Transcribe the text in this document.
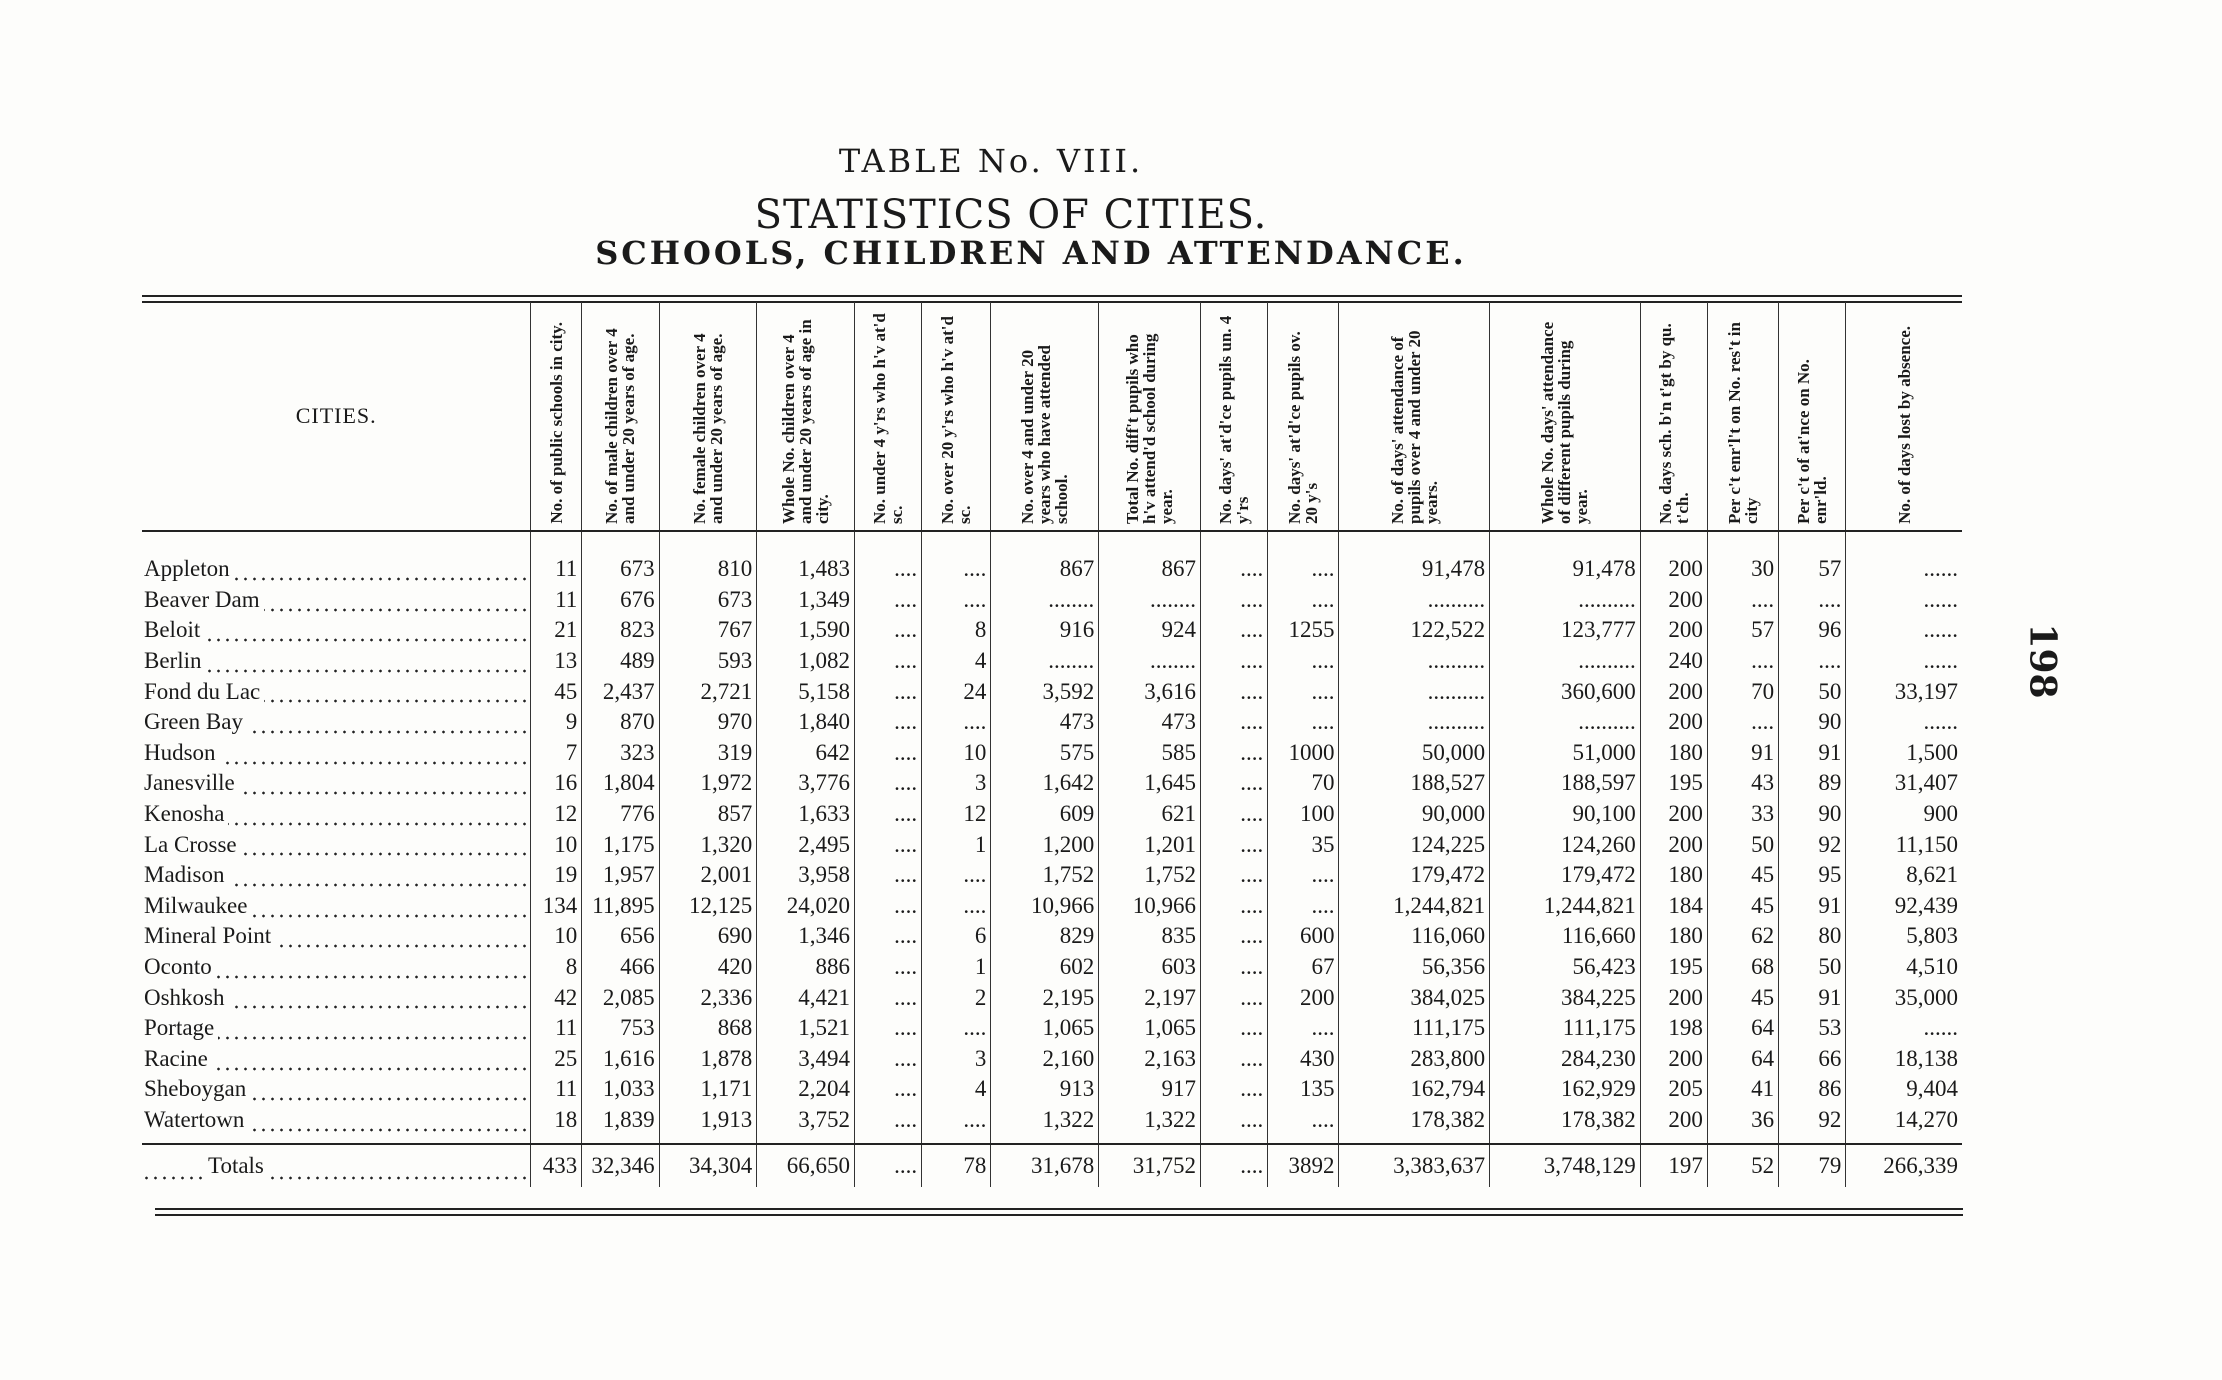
TABLE No. VIII.
STATISTICS OF CITIES.
SCHOOLS, CHILDREN AND ATTENDANCE.
CITIES.	No. of public schools in city.	No. of male children over 4 and under 20 years of age.	No. female children over 4 and under 20 years of age.	Whole No. children over 4 and under 20 years of age in city.	No. under 4 y'rs who h'v at'd sc.	No. over 20 y'rs who h'v at'd sc.	No. over 4 and under 20 years who have attended school.	Total No. diff't pupils who h'v attend'd school during year.	No. days' at'd'ce pupils un. 4 y'rs	No. days' at'd'ce pupils ov. 20 y's	No. of days' attendance of pupils over 4 and under 20 years.	Whole No. days' attendance of different pupils during year.	No. days sch. b'n t'gt by qu. t'ch.	Per c't enr'l't on No. res't in city	Per c't of at'nce on No. enr'ld.	No. of days lost by absence.

Appleton	11	673	810	1,483	....	....	867	867	....	....	91,478	91,478	200	30	57	......
Beaver Dam	11	676	673	1,349	....	....	........	........	....	....	..........	..........	200	....	....	......
Beloit	21	823	767	1,590	....	8	916	924	....	1255	122,522	123,777	200	57	96	......
Berlin	13	489	593	1,082	....	4	........	........	....	....	..........	..........	240	....	....	......
Fond du Lac	45	2,437	2,721	5,158	....	24	3,592	3,616	....	....	..........	360,600	200	70	50	33,197
Green Bay	9	870	970	1,840	....	....	473	473	....	....	..........	..........	200	....	90	......
Hudson	7	323	319	642	....	10	575	585	....	1000	50,000	51,000	180	91	91	1,500
Janesville	16	1,804	1,972	3,776	....	3	1,642	1,645	....	70	188,527	188,597	195	43	89	31,407
Kenosha	12	776	857	1,633	....	12	609	621	....	100	90,000	90,100	200	33	90	900
La Crosse	10	1,175	1,320	2,495	....	1	1,200	1,201	....	35	124,225	124,260	200	50	92	11,150
Madison	19	1,957	2,001	3,958	....	....	1,752	1,752	....	....	179,472	179,472	180	45	95	8,621
Milwaukee	134	11,895	12,125	24,020	....	....	10,966	10,966	....	....	1,244,821	1,244,821	184	45	91	92,439
Mineral Point	10	656	690	1,346	....	6	829	835	....	600	116,060	116,660	180	62	80	5,803
Oconto	8	466	420	886	....	1	602	603	....	67	56,356	56,423	195	68	50	4,510
Oshkosh	42	2,085	2,336	4,421	....	2	2,195	2,197	....	200	384,025	384,225	200	45	91	35,000
Portage	11	753	868	1,521	....	....	1,065	1,065	....	....	111,175	111,175	198	64	53	......
Racine	25	1,616	1,878	3,494	....	3	2,160	2,163	....	430	283,800	284,230	200	64	66	18,138
Sheboygan	11	1,033	1,171	2,204	....	4	913	917	....	135	162,794	162,929	205	41	86	9,404
Watertown	18	1,839	1,913	3,752	....	....	1,322	1,322	....	....	178,382	178,382	200	36	92	14,270

Totals	433	32,346	34,304	66,650	....	78	31,678	31,752	....	3892	3,383,637	3,748,129	197	52	79	266,339
198
